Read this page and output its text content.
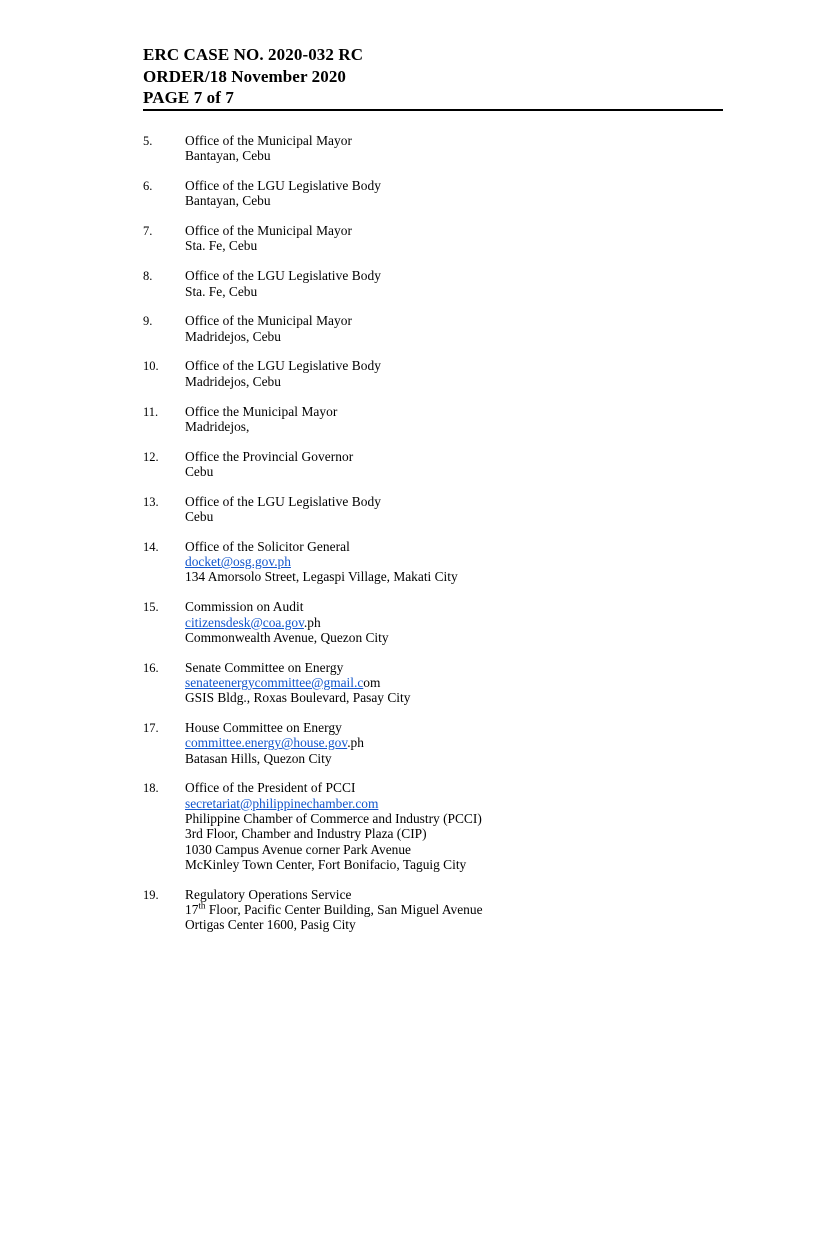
ERC CASE NO. 2020-032 RC
ORDER/18 November 2020
PAGE 7 of 7
5.	Office of the Municipal Mayor
Bantayan, Cebu
6.	Office of the LGU Legislative Body
Bantayan, Cebu
7.	Office of the Municipal Mayor
Sta. Fe, Cebu
8.	Office of the LGU Legislative Body
Sta. Fe, Cebu
9.	Office of the Municipal Mayor
Madridejos, Cebu
10.	Office of the LGU Legislative Body
Madridejos, Cebu
11.	Office the Municipal Mayor
Madridejos,
12.	Office the Provincial Governor
Cebu
13.	Office of the LGU Legislative Body
Cebu
14.	Office of the Solicitor General
docket@osg.gov.ph
134 Amorsolo Street, Legaspi Village, Makati City
15.	Commission on Audit
citizensdesk@coa.gov.ph
Commonwealth Avenue, Quezon City
16.	Senate Committee on Energy
senateenergycommittee@gmail.com
GSIS Bldg., Roxas Boulevard, Pasay City
17.	House Committee on Energy
committee.energy@house.gov.ph
Batasan Hills, Quezon City
18.	Office of the President of PCCI
secretariat@philippinechamber.com
Philippine Chamber of Commerce and Industry (PCCI)
3rd Floor, Chamber and Industry Plaza (CIP)
1030 Campus Avenue corner Park Avenue
McKinley Town Center, Fort Bonifacio, Taguig City
19.	Regulatory Operations Service
17th Floor, Pacific Center Building, San Miguel Avenue
Ortigas Center 1600, Pasig City
